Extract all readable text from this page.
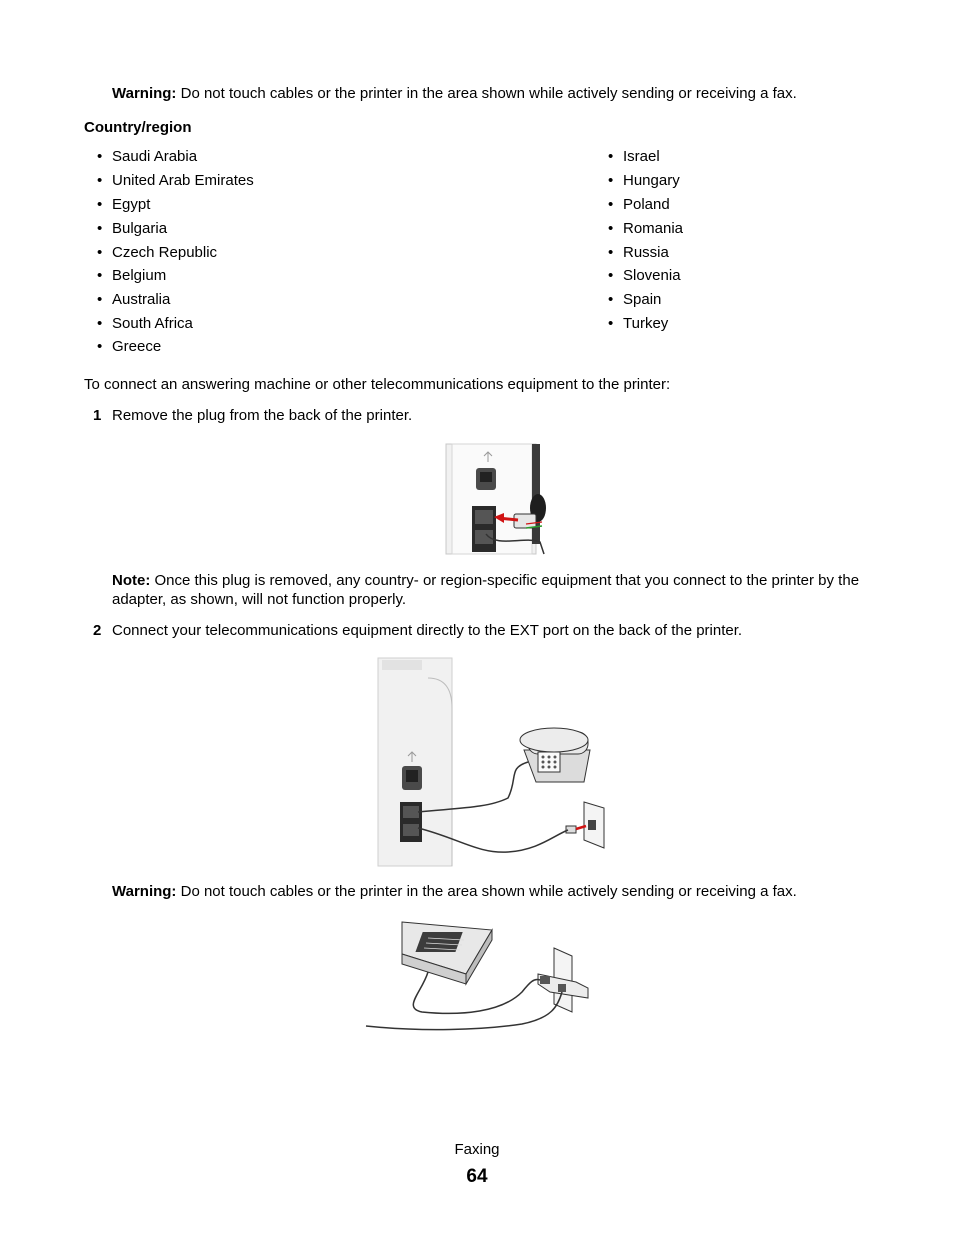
Warning: Do not touch cables or the printer in the area shown while actively sending or receiving a fax.
Country/region
• Saudi Arabia
• United Arab Emirates
• Egypt
• Bulgaria
• Czech Republic
• Belgium
• Australia
• South Africa
• Greece
• Israel
• Hungary
• Poland
• Romania
• Russia
• Slovenia
• Spain
• Turkey
To connect an answering machine or other telecommunications equipment to the printer:
1 Remove the plug from the back of the printer.
Note: Once this plug is removed, any country- or region-specific equipment that you connect to the printer by the adapter, as shown, will not function properly.
2 Connect your telecommunications equipment directly to the EXT port on the back of the printer.
Warning: Do not touch cables or the printer in the area shown while actively sending or receiving a fax.
Faxing
64
